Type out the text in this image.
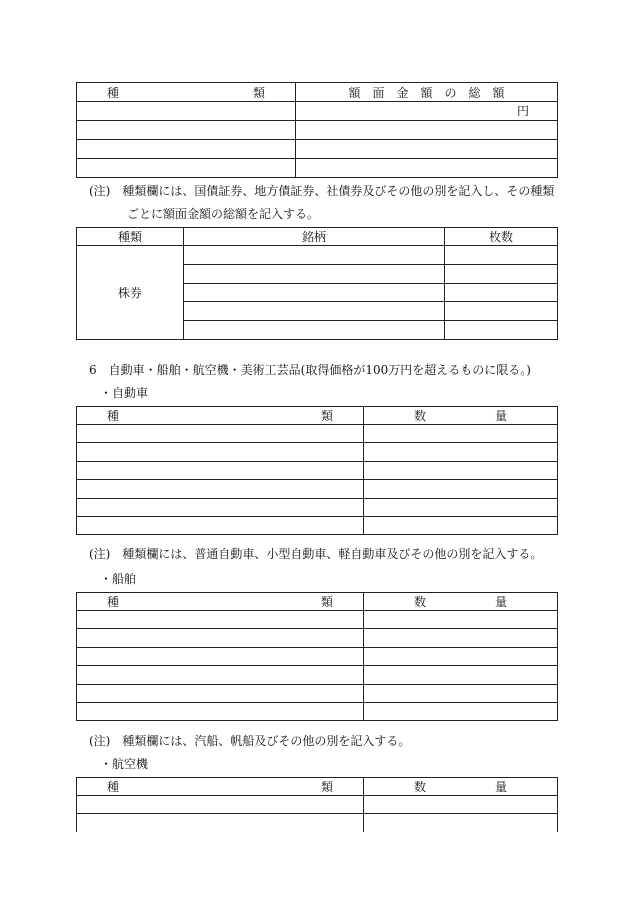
種 類	額　面　金　額　の　総　額
	円

(注)　種類欄には、国債証券、地方債証券、社債券及びその他の別を記入し、その種類
ごとに額面金額の総額を記入する。
種類	銘柄	枚数
株券		

6　自動車・船舶・航空機・美術工芸品(取得価格が100万円を超えるものに限る。)
・自動車
種 類	数 量

(注)　種類欄には、普通自動車、小型自動車、軽自動車及びその他の別を記入する。
・船舶
種 類	数 量

(注)　種類欄には、汽船、帆船及びその他の別を記入する。
・航空機
種 類	数 量
